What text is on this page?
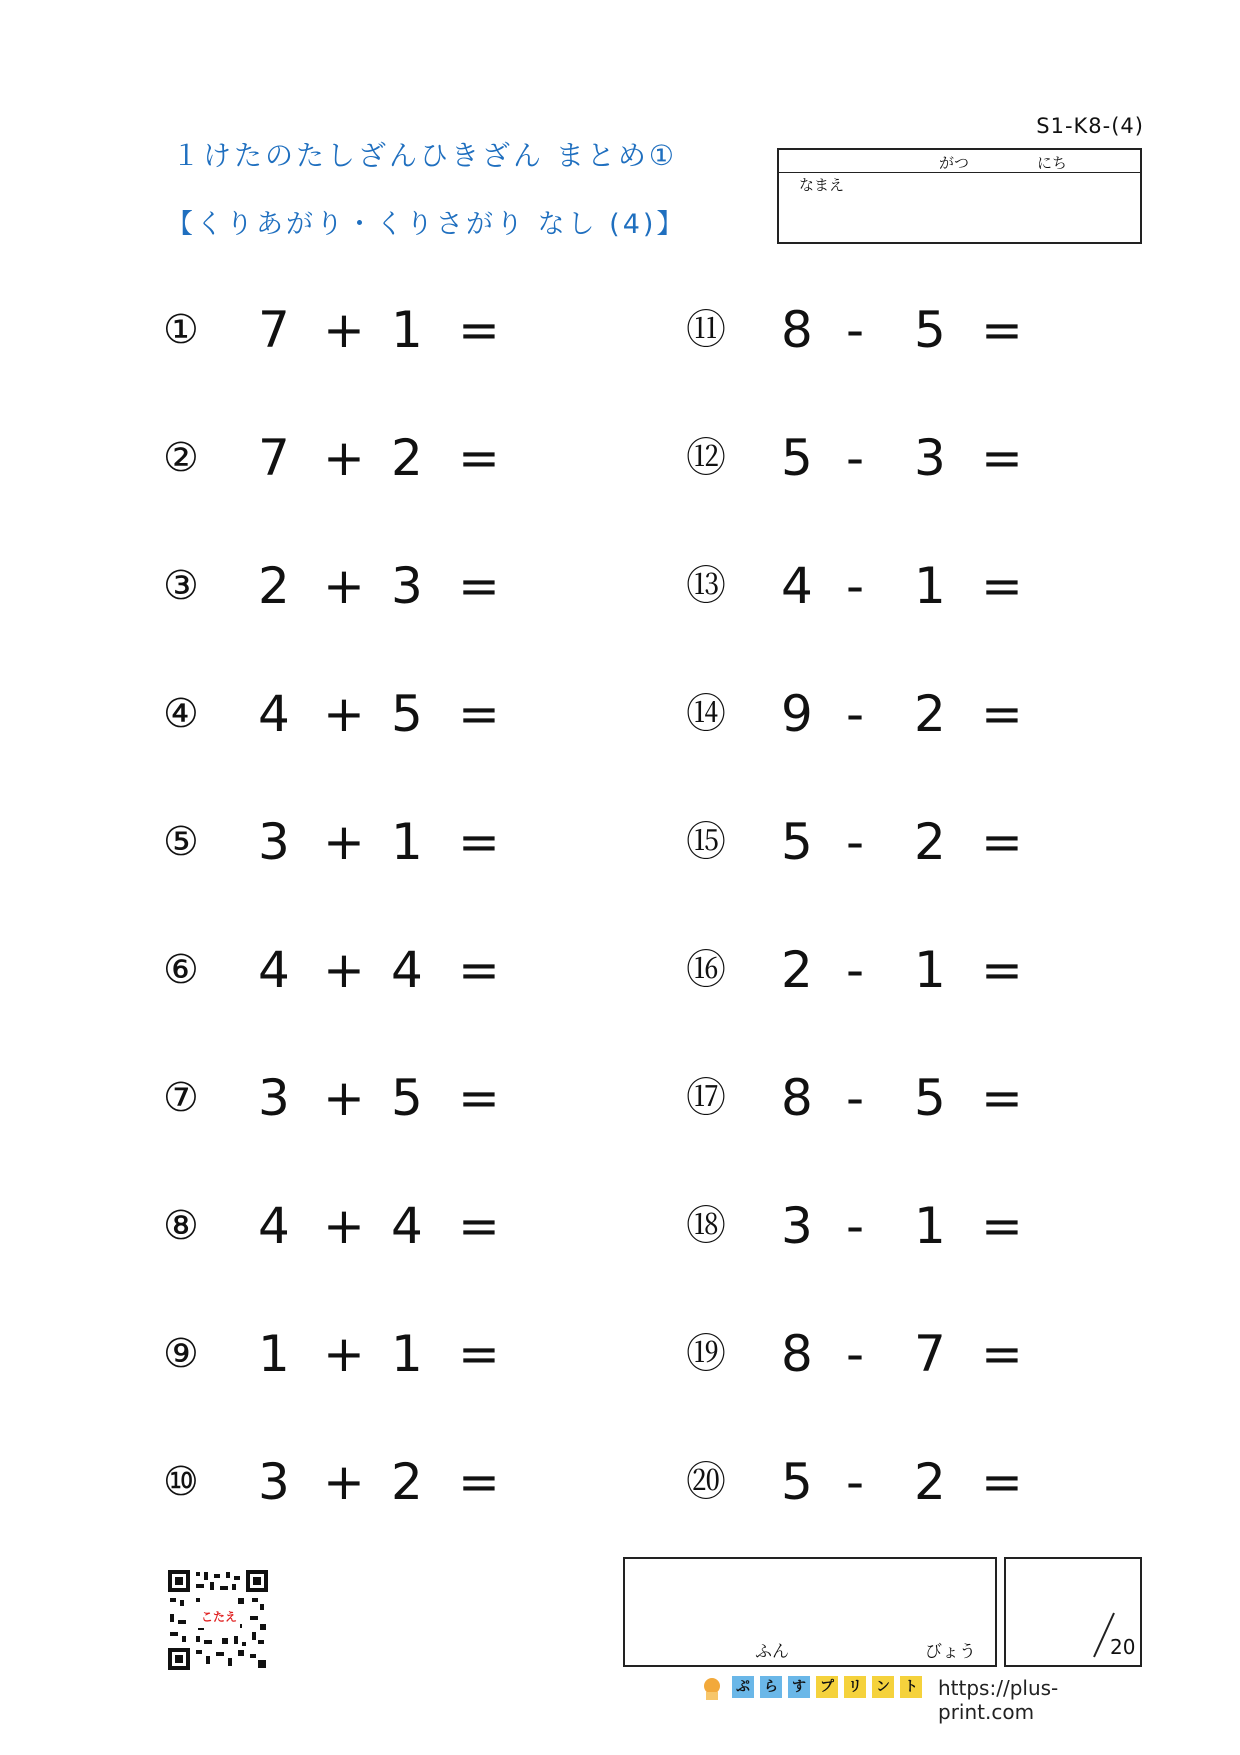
１けたのたしざんひきざん まとめ①
【くりあがり・くりさがり なし (4)】
S1-K8-(4)
がつ	にち
なまえ
① 7 + 1 =
② 7 + 2 =
③ 2 + 3 =
④ 4 + 5 =
⑤ 3 + 1 =
⑥ 4 + 4 =
⑦ 3 + 5 =
⑧ 4 + 4 =
⑨ 1 + 1 =
⑩ 3 + 2 =
⑪ 8 - 5 =
⑫ 5 - 3 =
⑬ 4 - 1 =
⑭ 9 - 2 =
⑮ 5 - 2 =
⑯ 2 - 1 =
⑰ 8 - 5 =
⑱ 3 - 1 =
⑲ 8 - 7 =
⑳ 5 - 2 =
ふん	びょう	20
こたえ
ぷ ら す プ リ ン ト https://plus-print.com
